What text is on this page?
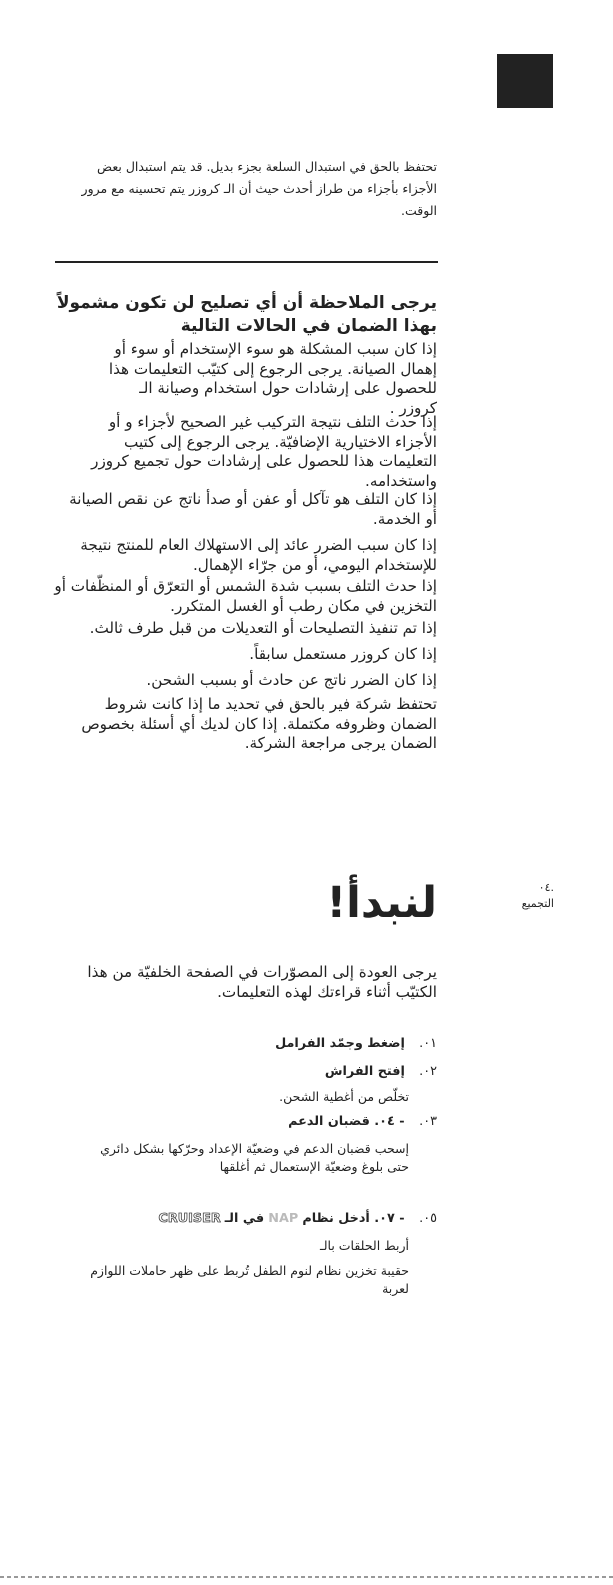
تحتفظ بالحق في استبدال السلعة بجزء بديل. قد يتم استبدال بعض الأجزاء بأجزاء من طراز أحدث حيث أن الـ كروزر يتم تحسينه مع مرور الوقت.

يرجى الملاحظة أن أي تصليح لن تكون مشمولاً بهذا الضمان في الحالات التالية

إذا كان سبب المشكلة هو سوء الإستخدام أو سوء أو إهمال الصيانة. يرجى الرجوع إلى كتيّب التعليمات هذا للحصول على إرشادات حول استخدام وصيانة الـ كروزر .

إذا حدث التلف نتيجة التركيب غير الصحيح لأجزاء و أو الأجزاء الاختيارية الإضافيّة. يرجى الرجوع إلى كتيب التعليمات هذا للحصول على إرشادات حول تجميع كروزر واستخدامه.

إذا كان التلف هو تآكل أو عفن أو صدأ ناتج عن نقص الصيانة أو الخدمة.

إذا كان سبب الضرر عائد إلى الاستهلاك العام للمنتج نتيجة للإستخدام اليومي، أو من جرّاء الإهمال.

إذا حدث التلف بسبب شدة الشمس أو التعرّق أو المنظّفات أو التخزين في مكان رطب أو الغسل المتكرر.

إذا تم تنفيذ التصليحات أو التعديلات من قبل طرف ثالث.

إذا كان كروزر مستعمل سابقاً.

إذا كان الضرر ناتج عن حادث أو بسبب الشحن.

تحتفظ شركة فير بالحق في تحديد ما إذا كانت شروط الضمان وظروفه مكتملة. إذا كان لديك أي أسئلة بخصوص الضمان يرجى مراجعة الشركة.

٠٤.
التجميع
لنبدأ!

يرجى العودة إلى المصوّرات في الصفحة الخلفيّة من هذا الكتيّب أثناء قراءتك لهذه التعليمات.

٠١. إضغط وجمّد الفرامل
٠٢. إفتح الفراش
تخلّص من أغطية الشحن.
٠٣. - ٠٤. قضبان الدعم
إسحب قضبان الدعم في وضعيّة الإعداد وحرّكها بشكل دائري حتى بلوغ وضعيّة الإستعمال ثم أغلقها
٠٥. - ٠٧. أدخل نظام NAP في الـ CRUISER
أربط الحلقات بالـ
حقيبة تخزين نظام لنوم الطفل تُربط على ظهر حاملات اللوازم لعربة
